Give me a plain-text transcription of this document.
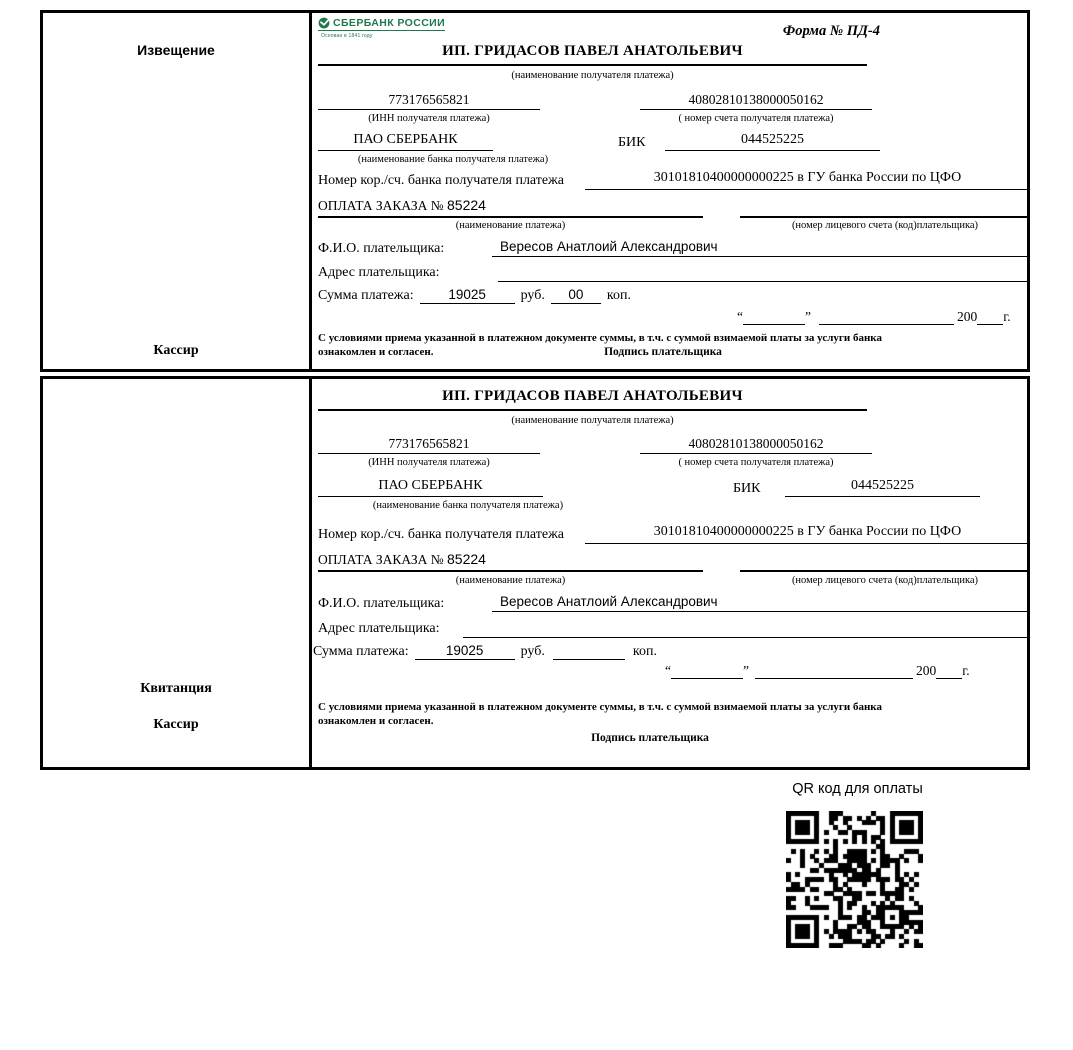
Извещение
Кассир
СБЕРБАНК РОССИИ
Основан в 1841 году	Форма № ПД-4
ИП. ГРИДАСОВ ПАВЕЛ АНАТОЛЬЕВИЧ
(наименование получателя платежа)
773176565821	40802810138000050162
(ИНН получателя платежа)	( номер счета получателя платежа)
ПАО СБЕРБАНК	БИК	044525225
(наименование банка получателя платежа)
Номер кор./сч. банка получателя платежа	30101810400000000225 в ГУ банка России по ЦФО
ОПЛАТА ЗАКАЗА № 85224
(наименование платежа)	(номер лицевого счета (код)плательщика)
Ф.И.О. плательщика:	Вересов Анатлоий Александрович
Адрес плательщика:
Сумма платежа:	19025	руб.	00	коп.
“	”	200 г.
С условиями приема указанной в платежном документе суммы, в т.ч. с суммой взимаемой платы за услуги банка
ознакомлен и согласен.	Подпись плательщика
Квитанция
Кассир
ИП. ГРИДАСОВ ПАВЕЛ АНАТОЛЬЕВИЧ
(наименование получателя платежа)
773176565821	40802810138000050162
(ИНН получателя платежа)	( номер счета получателя платежа)
ПАО СБЕРБАНК	БИК	044525225
(наименование банка получателя платежа)
Номер кор./сч. банка получателя платежа	30101810400000000225 в ГУ банка России по ЦФО
ОПЛАТА ЗАКАЗА № 85224
(наименование платежа)	(номер лицевого счета (код)плательщика)
Ф.И.О. плательщика:	Вересов Анатлоий Александрович
Адрес плательщика:
Сумма платежа:	19025	руб.	коп.
“	”	200 г.
С условиями приема указанной в платежном документе суммы, в т.ч. с суммой взимаемой платы за услуги банка
ознакомлен и согласен.
Подпись плательщика
QR код для оплаты
